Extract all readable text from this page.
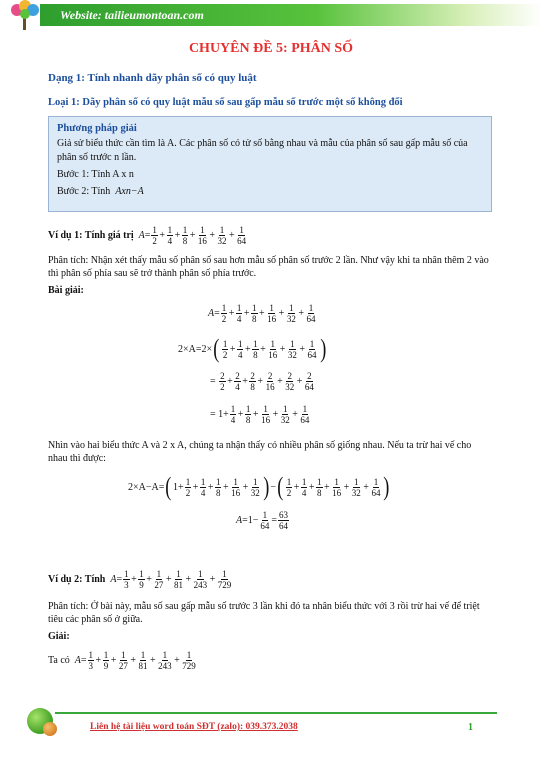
Website: tailieumontoan.com
CHUYÊN ĐỀ 5: PHÂN SỐ
Dạng 1: Tính nhanh dãy phân số có quy luật
Loại 1: Dãy phân số có quy luật mẫu số sau gấp mẫu số trước một số không đổi
Phương pháp giải

Giả sử biểu thức cần tìm là A. Các phân số có tử số bằng nhau và mẫu của phân số sau gấp mẫu số của phân số trước n lần.

Bước 1: Tính A x n

Bước 2: Tính Axn−A

Ví dụ 1: Tính giá trị
$A = \frac{1}{2} + \frac{1}{4} + \frac{1}{8} + \frac{1}{16} + \frac{1}{32} + \frac{1}{64}$
Phân tích: Nhận xét thấy mẫu số phân số sau hơn mẫu số phân số trước 2 lần. Như vậy khi ta nhân thêm 2 vào thì phân số phía sau sẽ trở thành phân số phía trước.
Bài giải:
$A = \frac{1}{2} + \frac{1}{4} + \frac{1}{8} + \frac{1}{16} + \frac{1}{32} + \frac{1}{64}$
2×A = 2 × ( $\frac{1}{2} + \frac{1}{4} + \frac{1}{8} + \frac{1}{16} + \frac{1}{32} + \frac{1}{64}$ )
=
$\frac{2}{2} + \frac{2}{4} + \frac{2}{8} + \frac{2}{16} + \frac{2}{32} + \frac{2}{64}$
=
$1 + \frac{1}{4} + \frac{1}{8} + \frac{1}{16} + \frac{1}{32} + \frac{1}{64}$
Nhìn vào hai biểu thức A và 2 x A, chúng ta nhận thấy có nhiều phân số giống nhau. Nếu ta trừ hai vế cho nhau thì được:
2×A−A = ( $1 + \frac{1}{2} + \frac{1}{4} + \frac{1}{8} + \frac{1}{16} + \frac{1}{32}$ ) − ( $\frac{1}{2} + \frac{1}{4} + \frac{1}{8} + \frac{1}{16} + \frac{1}{32} + \frac{1}{64}$ )
$A = 1 - \frac{1}{64} = \frac{63}{64}$
Ví dụ 2: Tính
$A = \frac{1}{3} + \frac{1}{9} + \frac{1}{27} + \frac{1}{81} + \frac{1}{243} + \frac{1}{729}$
Phân tích: Ở bài này, mẫu số sau gấp mẫu số trước 3 lần khi đó ta nhân biểu thức với 3 rồi trừ hai vế để triệt tiêu các phân số ở giữa.
Giải:
Ta có
$A = \frac{1}{3} + \frac{1}{9} + \frac{1}{27} + \frac{1}{81} + \frac{1}{243} + \frac{1}{729}$
Liên hệ tài liệu word toán SĐT (zalo): 039.373.2038	1
